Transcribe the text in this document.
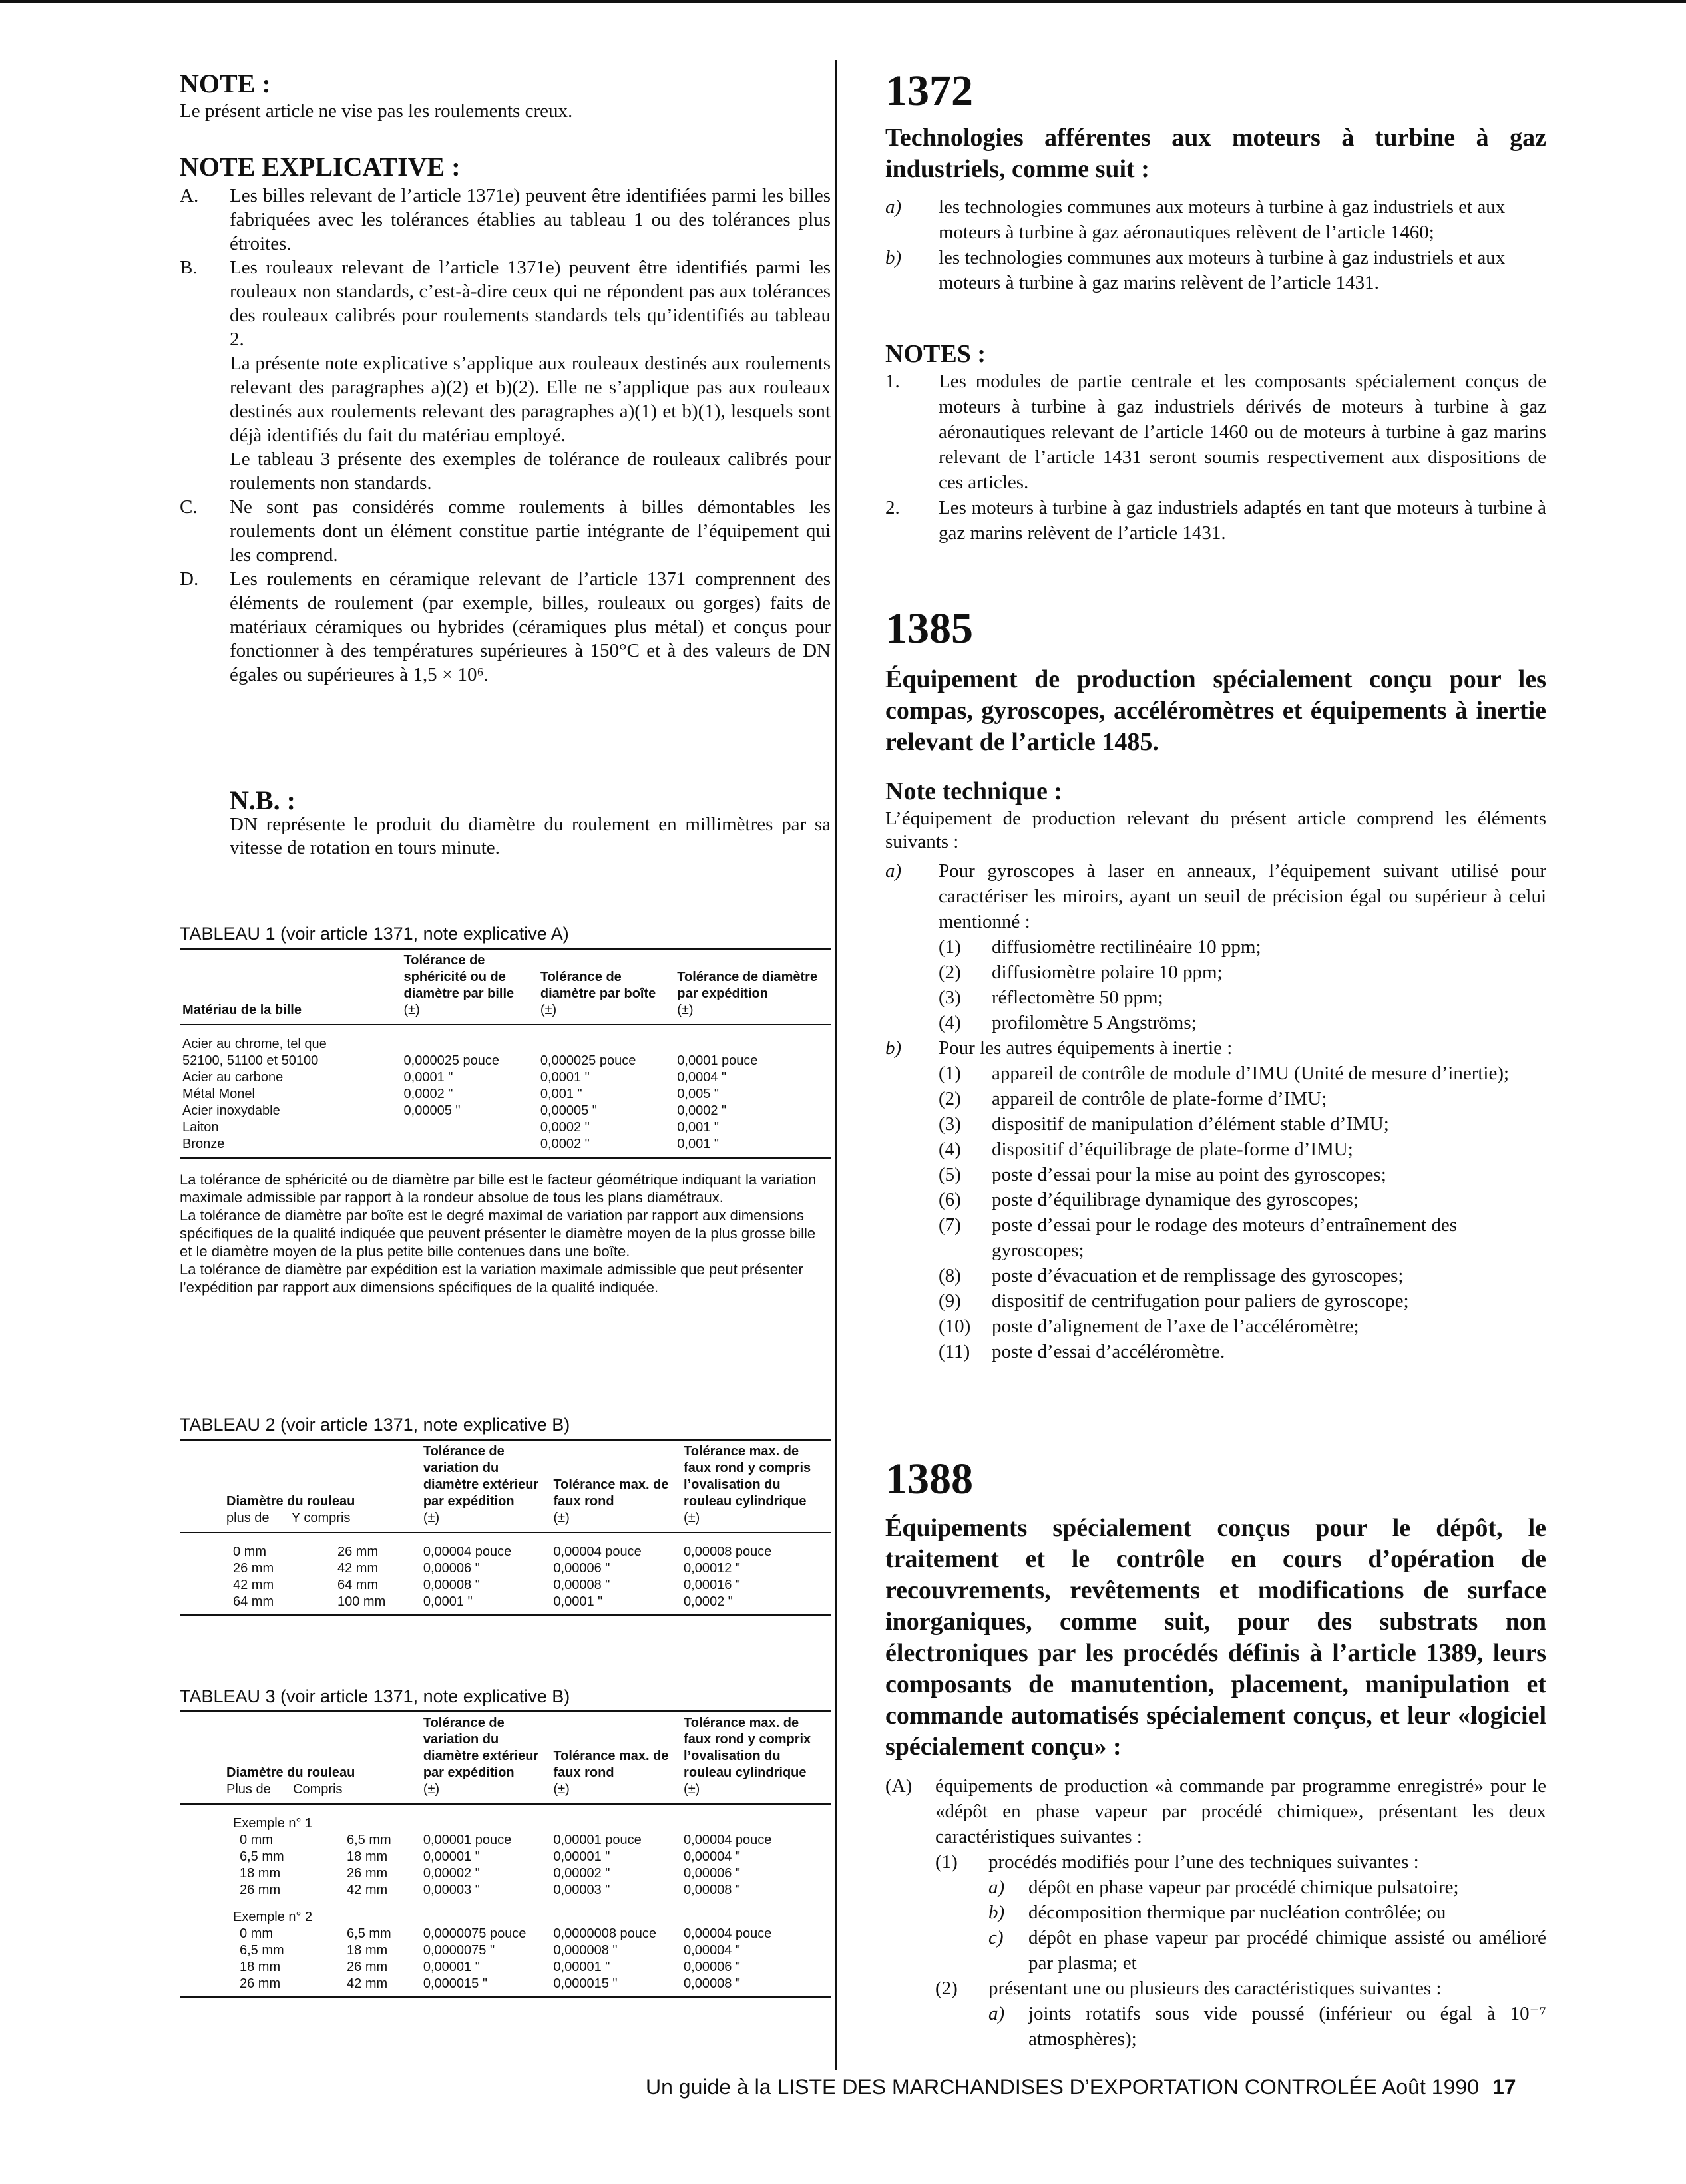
NOTE :
Le présent article ne vise pas les roulements creux.
NOTE EXPLICATIVE :
A. Les billes relevant de l’article 1371e) peuvent être identifiées parmi les billes fabriquées avec les tolérances établies au tableau 1 ou des tolérances plus étroites.

B. Les rouleaux relevant de l’article 1371e) peuvent être identifiés parmi les rouleaux non standards, c’est-à-dire ceux qui ne répondent pas aux tolérances des rouleaux calibrés pour roulements standards tels qu’identifiés au tableau 2.

La présente note explicative s’applique aux rouleaux destinés aux roulements relevant des paragraphes a)(2) et b)(2). Elle ne s’applique pas aux rouleaux destinés aux roulements relevant des paragraphes a)(1) et b)(1), lesquels sont déjà identifiés du fait du matériau employé.

Le tableau 3 présente des exemples de tolérance de rouleaux calibrés pour roulements non standards.

C. Ne sont pas considérés comme roulements à billes démontables les roulements dont un élément constitue partie intégrante de l’équipement qui les comprend.

D. Les roulements en céramique relevant de l’article 1371 comprennent des éléments de roulement (par exemple, billes, rouleaux ou gorges) faits de matériaux céramiques ou hybrides (céramiques plus métal) et conçus pour fonctionner à des températures supérieures à 150°C et à des valeurs de DN égales ou supérieures à 1,5 × 10⁶.

N.B. :
DN représente le produit du diamètre du roulement en millimètres par sa vitesse de rotation en tours minute.
TABLEAU 1 (voir article 1371, note explicative A)
Matériau de la bille	Tolérance de sphéricité ou de diamètre par bille
(±)	Tolérance de diamètre par boîte
(±)	Tolérance de diamètre par expédition
(±)

Acier au chrome, tel que			
52100, 51100 et 50100	0,000025 pouce	0,000025 pouce	0,0001 pouce
Acier au carbone	0,0001 "	0,0001 "	0,0004 "
Métal Monel	0,0002 "	0,001 "	0,005 "
Acier inoxydable	0,00005 "	0,00005 "	0,0002 "
Laiton		0,0002 "	0,001 "
Bronze		0,0002 "	0,001 "
La tolérance de sphéricité ou de diamètre par bille est le facteur géométrique indiquant la variation maximale admissible par rapport à la rondeur absolue de tous les plans diamétraux.
La tolérance de diamètre par boîte est le degré maximal de variation par rapport aux dimensions spécifiques de la qualité indiquée que peuvent présenter le diamètre moyen de la plus grosse bille et le diamètre moyen de la plus petite bille contenues dans une boîte.
La tolérance de diamètre par expédition est la variation maximale admissible que peut présenter l’expédition par rapport aux dimensions spécifiques de la qualité indiquée.
TABLEAU 2 (voir article 1371, note explicative B)
Diamètre du rouleau
plus de Y compris		Tolérance de variation du diamètre extérieur par expédition
(±)	Tolérance max. de faux rond
(±)	Tolérance max. de faux rond y compris l’ovalisation du rouleau cylindrique
(±)

0 mm	26 mm	0,00004 pouce	0,00004 pouce	0,00008 pouce
26 mm	42 mm	0,00006 "	0,00006 "	0,00012 "
42 mm	64 mm	0,00008 "	0,00008 "	0,00016 "
64 mm	100 mm	0,0001 "	0,0001 "	0,0002 "
TABLEAU 3 (voir article 1371, note explicative B)
Diamètre du rouleau
Plus de Compris		Tolérance de variation du diamètre extérieur par expédition
(±)	Tolérance max. de faux rond
(±)	Tolérance max. de faux rond y comprix l’ovalisation du rouleau cylindrique
(±)

Exemple n° 1				
0 mm	6,5 mm	0,00001 pouce	0,00001 pouce	0,00004 pouce
6,5 mm	18 mm	0,00001 "	0,00001 "	0,00004 "
18 mm	26 mm	0,00002 "	0,00002 "	0,00006 "
26 mm	42 mm	0,00003 "	0,00003 "	0,00008 "
Exemple n° 2				
0 mm	6,5 mm	0,0000075 pouce	0,0000008 pouce	0,00004 pouce
6,5 mm	18 mm	0,0000075 "	0,000008 "	0,00004 "
18 mm	26 mm	0,00001 "	0,00001 "	0,00006 "
26 mm	42 mm	0,000015 "	0,000015 "	0,00008 "
1372
Technologies afférentes aux moteurs à turbine à gaz industriels, comme suit :
a) les technologies communes aux moteurs à turbine à gaz industriels et aux moteurs à turbine à gaz aéronautiques relèvent de l’article 1460;
b) les technologies communes aux moteurs à turbine à gaz industriels et aux moteurs à turbine à gaz marins relèvent de l’article 1431.
NOTES :
1. Les modules de partie centrale et les composants spécialement conçus de moteurs à turbine à gaz industriels dérivés de moteurs à turbine à gaz aéronautiques relevant de l’article 1460 ou de moteurs à turbine à gaz marins relevant de l’article 1431 seront soumis respectivement aux dispositions de ces articles.
2. Les moteurs à turbine à gaz industriels adaptés en tant que moteurs à turbine à gaz marins relèvent de l’article 1431.
1385
Équipement de production spécialement conçu pour les compas, gyroscopes, accéléromètres et équipements à inertie relevant de l’article 1485.
Note technique :
L’équipement de production relevant du présent article comprend les éléments suivants :
a) Pour gyroscopes à laser en anneaux, l’équipement suivant utilisé pour caractériser les miroirs, ayant un seuil de précision égal ou supérieur à celui mentionné :
(1) diffusiomètre rectilinéaire 10 ppm;
(2) diffusiomètre polaire 10 ppm;
(3) réflectomètre 50 ppm;
(4) profilomètre 5 Angströms;
b) Pour les autres équipements à inertie :
(1) appareil de contrôle de module d’IMU (Unité de mesure d’inertie);
(2) appareil de contrôle de plate-forme d’IMU;
(3) dispositif de manipulation d’élément stable d’IMU;
(4) dispositif d’équilibrage de plate-forme d’IMU;
(5) poste d’essai pour la mise au point des gyroscopes;
(6) poste d’équilibrage dynamique des gyroscopes;
(7) poste d’essai pour le rodage des moteurs d’entraînement des gyroscopes;
(8) poste d’évacuation et de remplissage des gyroscopes;
(9) dispositif de centrifugation pour paliers de gyroscope;
(10) poste d’alignement de l’axe de l’accéléromètre;
(11) poste d’essai d’accéléromètre.
1388
Équipements spécialement conçus pour le dépôt, le traitement et le contrôle en cours d’opération de recouvrements, revêtements et modifications de surface inorganiques, comme suit, pour des substrats non électroniques par les procédés définis à l’article 1389, leurs composants de manutention, placement, manipulation et commande automatisés spécialement conçus, et leur «logiciel spécialement conçu» :
(A) équipements de production «à commande par programme enregistré» pour le «dépôt en phase vapeur par procédé chimique», présentant les deux caractéristiques suivantes :
(1) procédés modifiés pour l’une des techniques suivantes :
a) dépôt en phase vapeur par procédé chimique pulsatoire;
b) décomposition thermique par nucléation contrôlée; ou
c) dépôt en phase vapeur par procédé chimique assisté ou amélioré par plasma; et
(2) présentant une ou plusieurs des caractéristiques suivantes :
a) joints rotatifs sous vide poussé (inférieur ou égal à 10⁻⁷ atmosphères);
Un guide à la LISTE DES MARCHANDISES D’EXPORTATION CONTROLÉE Août 1990 17
